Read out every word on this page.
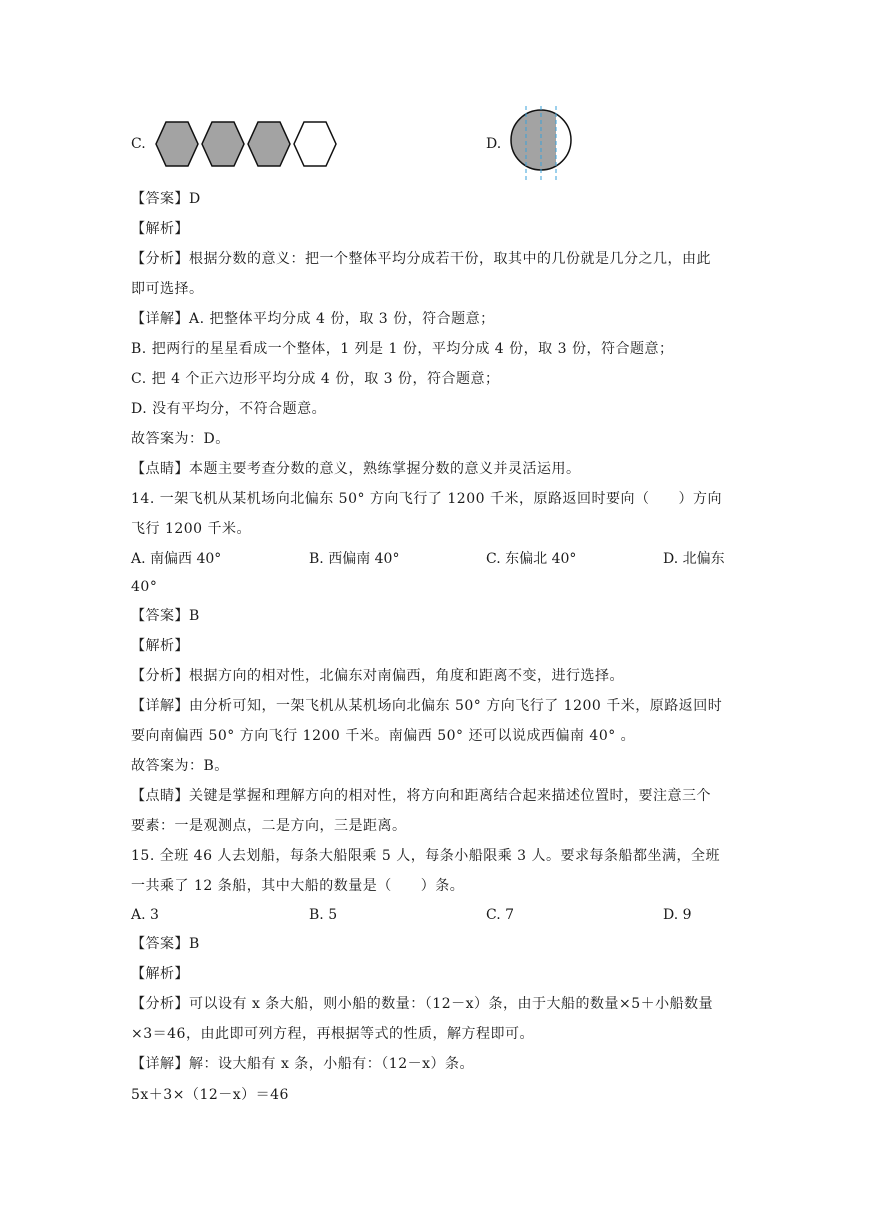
C.	D.
【答案】D
【解析】
【分析】根据分数的意义：把一个整体平均分成若干份，取其中的几份就是几分之几，由此
即可选择。
【详解】A. 把整体平均分成 4 份，取 3 份，符合题意；
B. 把两行的星星看成一个整体，1 列是 1 份，平均分成 4 份，取 3 份，符合题意；
C. 把 4 个正六边形平均分成 4 份，取 3 份，符合题意；
D. 没有平均分，不符合题意。
故答案为：D。
【点睛】本题主要考查分数的意义，熟练掌握分数的意义并灵活运用。
14. 一架飞机从某机场向北偏东 50° 方向飞行了 1200 千米，原路返回时要向（　　）方向
飞行 1200 千米。
A. 南偏西 40°	B. 西偏南 40°	C. 东偏北 40°	D. 北偏东
40°
【答案】B
【解析】
【分析】根据方向的相对性，北偏东对南偏西，角度和距离不变，进行选择。
【详解】由分析可知，一架飞机从某机场向北偏东 50° 方向飞行了 1200 千米，原路返回时
要向南偏西 50° 方向飞行 1200 千米。南偏西 50° 还可以说成西偏南 40° 。
故答案为：B。
【点睛】关键是掌握和理解方向的相对性，将方向和距离结合起来描述位置时，要注意三个
要素：一是观测点，二是方向，三是距离。
15. 全班 46 人去划船，每条大船限乘 5 人，每条小船限乘 3 人。要求每条船都坐满，全班
一共乘了 12 条船，其中大船的数量是（　　）条。
A. 3	B. 5	C. 7	D. 9
【答案】B
【解析】
【分析】可以设有 x 条大船，则小船的数量：（12－x）条，由于大船的数量×5＋小船数量
×3＝46，由此即可列方程，再根据等式的性质，解方程即可。
【详解】解：设大船有 x 条，小船有：（12－x）条。
5x＋3×（12－x）＝46
